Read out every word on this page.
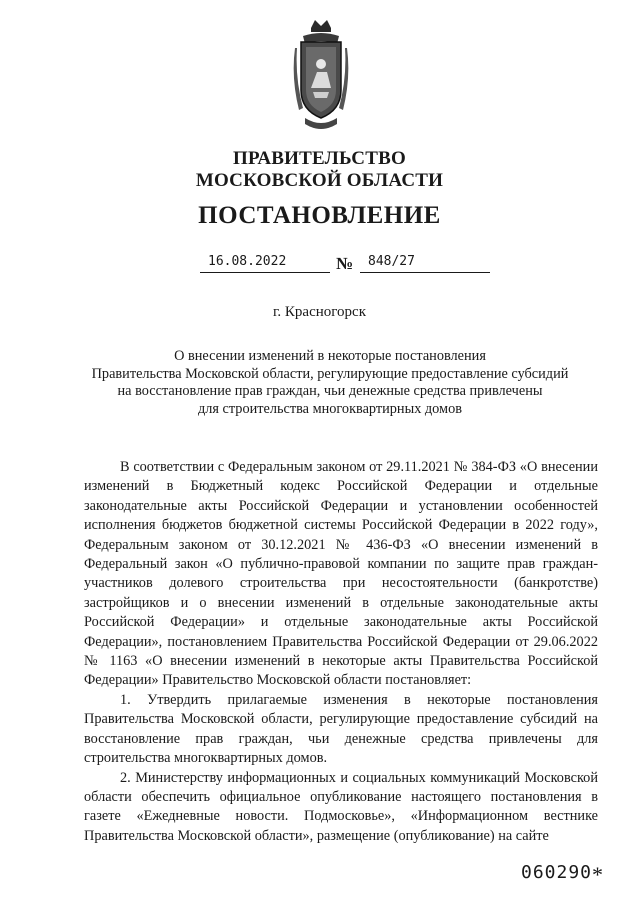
ПРАВИТЕЛЬСТВО
МОСКОВСКОЙ ОБЛАСТИ
ПОСТАНОВЛЕНИЕ
16.08.2022	№ 848/27
г. Красногорск
О внесении изменений в некоторые постановления
Правительства Московской области, регулирующие предоставление субсидий
на восстановление прав граждан, чьи денежные средства привлечены
для строительства многоквартирных домов

В соответствии с Федеральным законом от 29.11.2021 № 384-ФЗ «О внесении изменений в Бюджетный кодекс Российской Федерации и отдельные законодательные акты Российской Федерации и установлении особенностей исполнения бюджетов бюджетной системы Российской Федерации в 2022 году», Федеральным законом от 30.12.2021 № 436-ФЗ «О внесении изменений в Федеральный закон «О публично-правовой компании по защите прав граждан-участников долевого строительства при несостоятельности (банкротстве) застройщиков и о внесении изменений в отдельные законодательные акты Российской Федерации» и отдельные законодательные акты Российской Федерации», постановлением Правительства Российской Федерации от 29.06.2022 № 1163 «О внесении изменений в некоторые акты Правительства Российской Федерации» Правительство Московской области постановляет:

1. Утвердить прилагаемые изменения в некоторые постановления Правительства Московской области, регулирующие предоставление субсидий на восстановление прав граждан, чьи денежные средства привлечены для строительства многоквартирных домов.

2. Министерству информационных и социальных коммуникаций Московской области обеспечить официальное опубликование настоящего постановления в газете «Ежедневные новости. Подмосковье», «Информационном вестнике Правительства Московской области», размещение (опубликование) на сайте

060290 *
